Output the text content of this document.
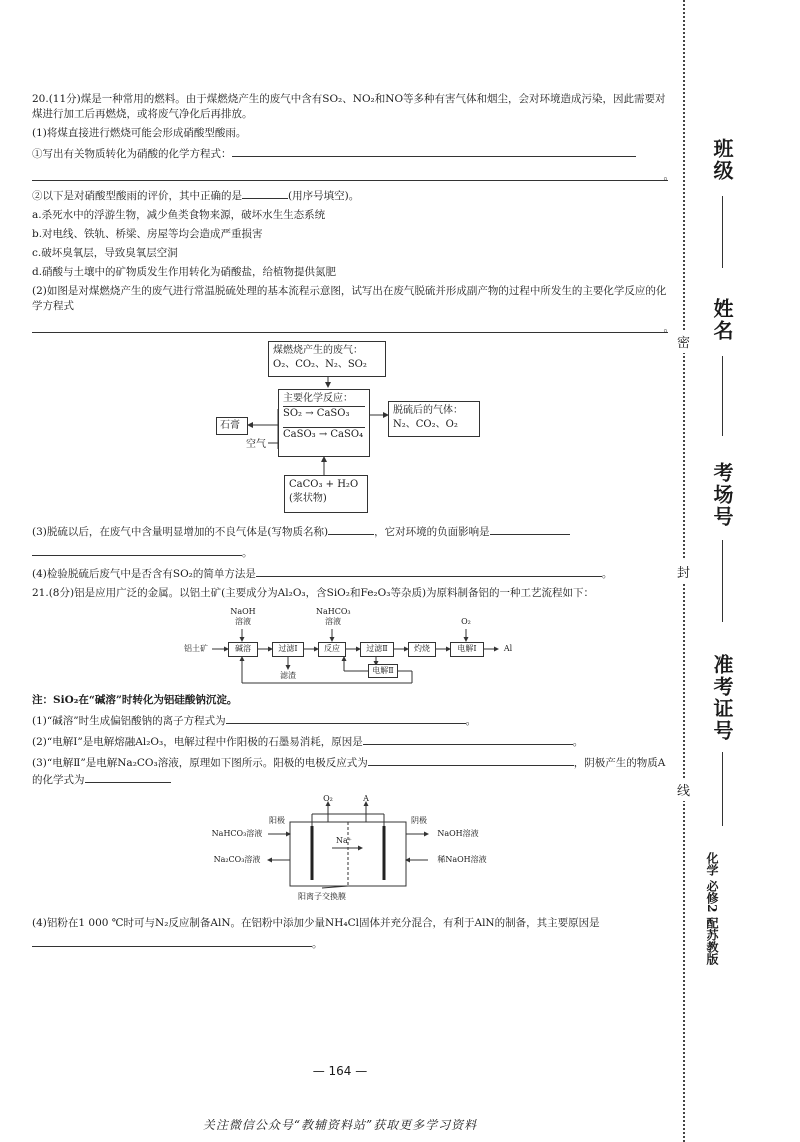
20.(11分)煤是一种常用的燃料。由于煤燃烧产生的废气中含有SO₂、NO₂和NO等多种有害气体和烟尘，会对环境造成污染，因此需要对煤进行加工后再燃烧，或将废气净化后再排放。

(1)将煤直接进行燃烧可能会形成硝酸型酸雨。

①写出有关物质转化为硝酸的化学方程式：

。

②以下是对硝酸型酸雨的评价，其中正确的是	(用序号填空)。

a.杀死水中的浮游生物，减少鱼类食物来源，破坏水生生态系统

b.对电线、铁轨、桥梁、房屋等均会造成严重损害

c.破坏臭氧层，导致臭氧层空洞

d.硝酸与土壤中的矿物质发生作用转化为硝酸盐，给植物提供氮肥

(2)如图是对煤燃烧产生的废气进行常温脱硫处理的基本流程示意图，试写出在废气脱硫并形成副产物的过程中所发生的主要化学反应的化学方程式

。
煤燃烧产生的废气：
O₂、CO₂、N₂、SO₂
主要化学反应：
SO₂ → CaSO₃
CaSO₃ → CaSO₄
脱硫后的气体：
N₂、CO₂、O₂
石膏
空气
CaCO₃ + H₂O
(浆状物)

(3)脱硫以后，在废气中含量明显增加的不良气体是(写物质名称)	，它对环境的负面影响是

。

(4)检验脱硫后废气中是否含有SO₂的简单方法是	。

21.(8分)铝是应用广泛的金属。以铝土矿(主要成分为Al₂O₃，含SiO₂和Fe₂O₃等杂质)为原料制备铝的一种工艺流程如下：

铝土矿
NaOH
溶液
NaHCO₃
溶液	O₂
碱溶	过滤Ⅰ	反应	过滤Ⅱ	灼烧	电解Ⅰ	Al
滤渣
电解Ⅱ

注：SiO₂在“碱溶”时转化为铝硅酸钠沉淀。

(1)“碱溶”时生成偏铝酸钠的离子方程式为	。

(2)“电解Ⅰ”是电解熔融Al₂O₃，电解过程中作阳极的石墨易消耗，原因是	。

(3)“电解Ⅱ”是电解Na₂CO₃溶液，原理如下图所示。阳极的电极反应式为	，阴极产生的物质A的化学式为

O₂	A
阳极	阴极
NaHCO₃溶液
Na₂CO₃溶液
NaOH溶液
稀NaOH溶液
Na⁺
阳离子交换膜

(4)铝粉在1 000 ℃时可与N₂反应制备AlN。在铝粉中添加少量NH₄Cl固体并充分混合，有利于AlN的制备，其主要原因是

。

— 164 —
关注微信公众号“教辅资料站”获取更多学习资料
密
封
线
班级
姓名
考场号
准考证号
化学 必修2 配苏教版
